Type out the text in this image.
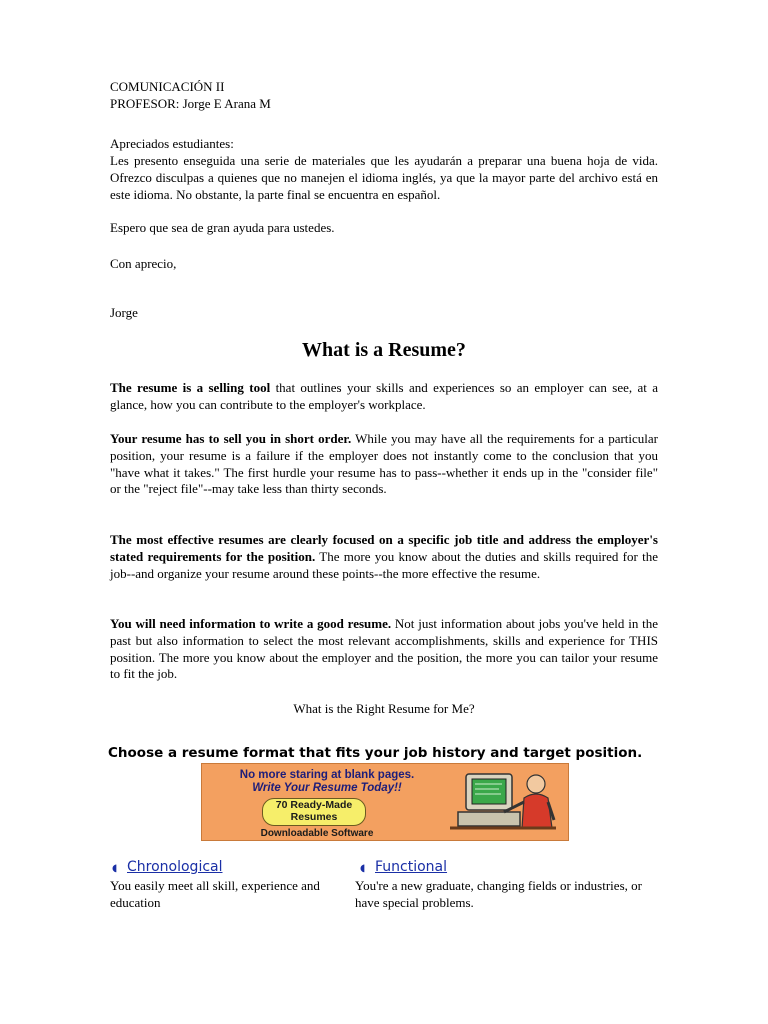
COMUNICACIÓN II
PROFESOR: Jorge E Arana M
Apreciados estudiantes:
Les presento enseguida una serie de materiales que les ayudarán a preparar una buena hoja de vida. Ofrezco disculpas a quienes que no manejen el idioma inglés, ya que la mayor parte del archivo está en este idioma. No obstante, la parte final se encuentra en español.
Espero que sea de gran ayuda para ustedes.
Con aprecio,
Jorge
What is a Resume?
The resume is a selling tool that outlines your skills and experiences so an employer can see, at a glance, how you can contribute to the employer's workplace.
Your resume has to sell you in short order. While you may have all the requirements for a particular position, your resume is a failure if the employer does not instantly come to the conclusion that you "have what it takes." The first hurdle your resume has to pass--whether it ends up in the "consider file" or the "reject file"--may take less than thirty seconds.
The most effective resumes are clearly focused on a specific job title and address the employer's stated requirements for the position. The more you know about the duties and skills required for the job--and organize your resume around these points--the more effective the resume.
You will need information to write a good resume. Not just information about jobs you've held in the past but also information to select the most relevant accomplishments, skills and experience for THIS position. The more you know about the employer and the position, the more you can tailor your resume to fit the job.
What is the Right Resume for Me?
Choose a resume format that fits your job history and target position.
No more staring at blank pages.
Write Your Resume Today!!
70 Ready-Made Resumes
Downloadable Software
◖ Chronological
You easily meet all skill, experience and education
◖ Functional
You're a new graduate, changing fields or industries, or have special problems.
